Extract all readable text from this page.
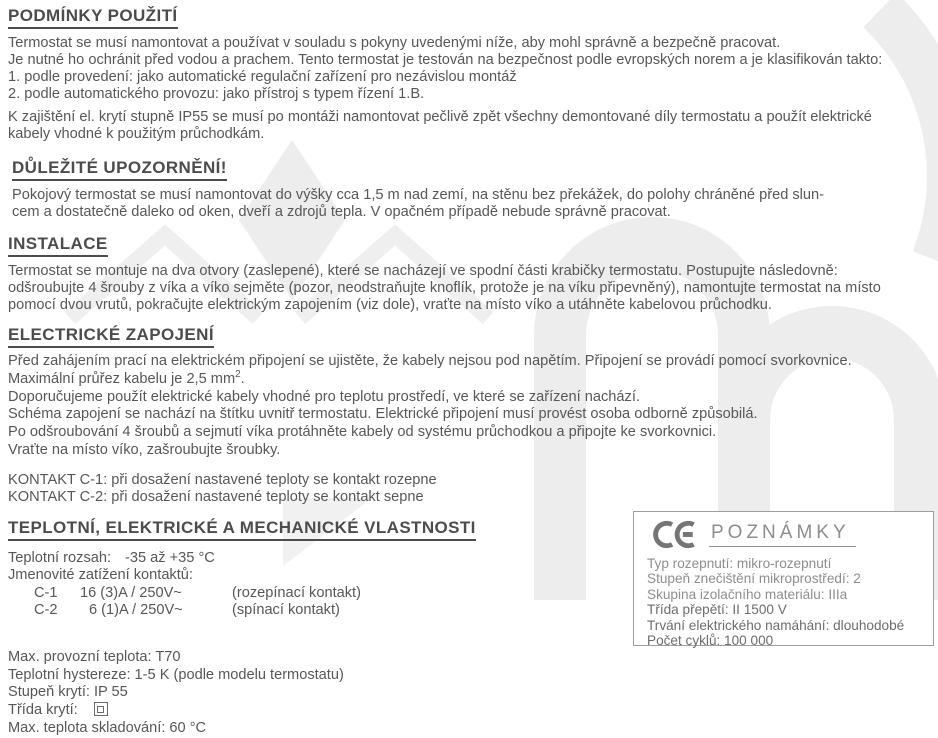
PODMÍNKY POUŽITÍ
Termostat se musí namontovat a používat v souladu s pokyny uvedenými níže, aby mohl správně a bezpečně pracovat.
Je nutné ho ochránit před vodou a prachem. Tento termostat je testován na bezpečnost podle evropských norem a je klasifikován takto:
1. podle provedení: jako automatické regulační zařízení pro nezávislou montáž
2. podle automatického provozu: jako přístroj s typem řízení 1.B.
K zajištění el. krytí stupně IP55 se musí po montáži namontovat pečlivě zpět všechny demontované díly termostatu a použít elektrické
kabely vhodné k použitým průchodkám.
DŮLEŽITÉ UPOZORNĚNÍ!
Pokojový termostat se musí namontovat do výšky cca 1,5 m nad zemí, na stěnu bez překážek, do polohy chráněné před slun-
cem a dostatečně daleko od oken, dveří a zdrojů tepla. V opačném případě nebude správně pracovat.
INSTALACE
Termostat se montuje na dva otvory (zaslepené), které se nacházejí ve spodní části krabičky termostatu. Postupujte následovně:
odšroubujte 4 šrouby z víka a víko sejměte (pozor, neodstraňujte knoflík, protože je na víku připevněný), namontujte termostat na místo
pomocí dvou vrutů, pokračujte elektrickým zapojením (viz dole), vraťte na místo víko a utáhněte kabelovou průchodku.
ELECTRICKÉ ZAPOJENÍ
Před zahájením prací na elektrickém připojení se ujistěte, že kabely nejsou pod napětím. Připojení se provádí pomocí svorkovnice.
Maximální průřez kabelu je 2,5 $mm^2$.
Doporučujeme použít elektrické kabely vhodné pro teplotu prostředí, ve které se zařízení nachází.
Schéma zapojení se nachází na štítku uvnitř termostatu. Elektrické připojení musí provést osoba odborně způsobilá.
Po odšroubování 4 šroubů a sejmutí víka protáhněte kabely od systému průchodkou a připojte ke svorkovnici.
Vraťte na místo víko, zašroubujte šroubky.
KONTAKT C-1: při dosažení nastavené teploty se kontakt rozepne
KONTAKT C-2: při dosažení nastavené teploty se kontakt sepne
TEPLOTNÍ, ELEKTRICKÉ A MECHANICKÉ VLASTNOSTI
Teplotní rozsah: -35 až +35 °C
Jmenovité zatížení kontaktů:
C-1 16 (3)A / 250V~	(rozepínací kontakt)
C-2 6 (1)A / 250V~	(spínací kontakt)
Max. provozní teplota: T70
Teplotní hystereze: 1-5 K (podle modelu termostatu)
Stupeň krytí: IP 55
Třída krytí:
Max. teplota skladování: 60 °C
POZNÁMKY
Typ rozepnutí: mikro-rozepnutí
Stupeň znečištění mikroprostředí: 2
Skupina izolačního materiálu: IIIa
Třída přepětí: II 1500 V
Trvání elektrického namáhání: dlouhodobé
Počet cyklů: 100 000
